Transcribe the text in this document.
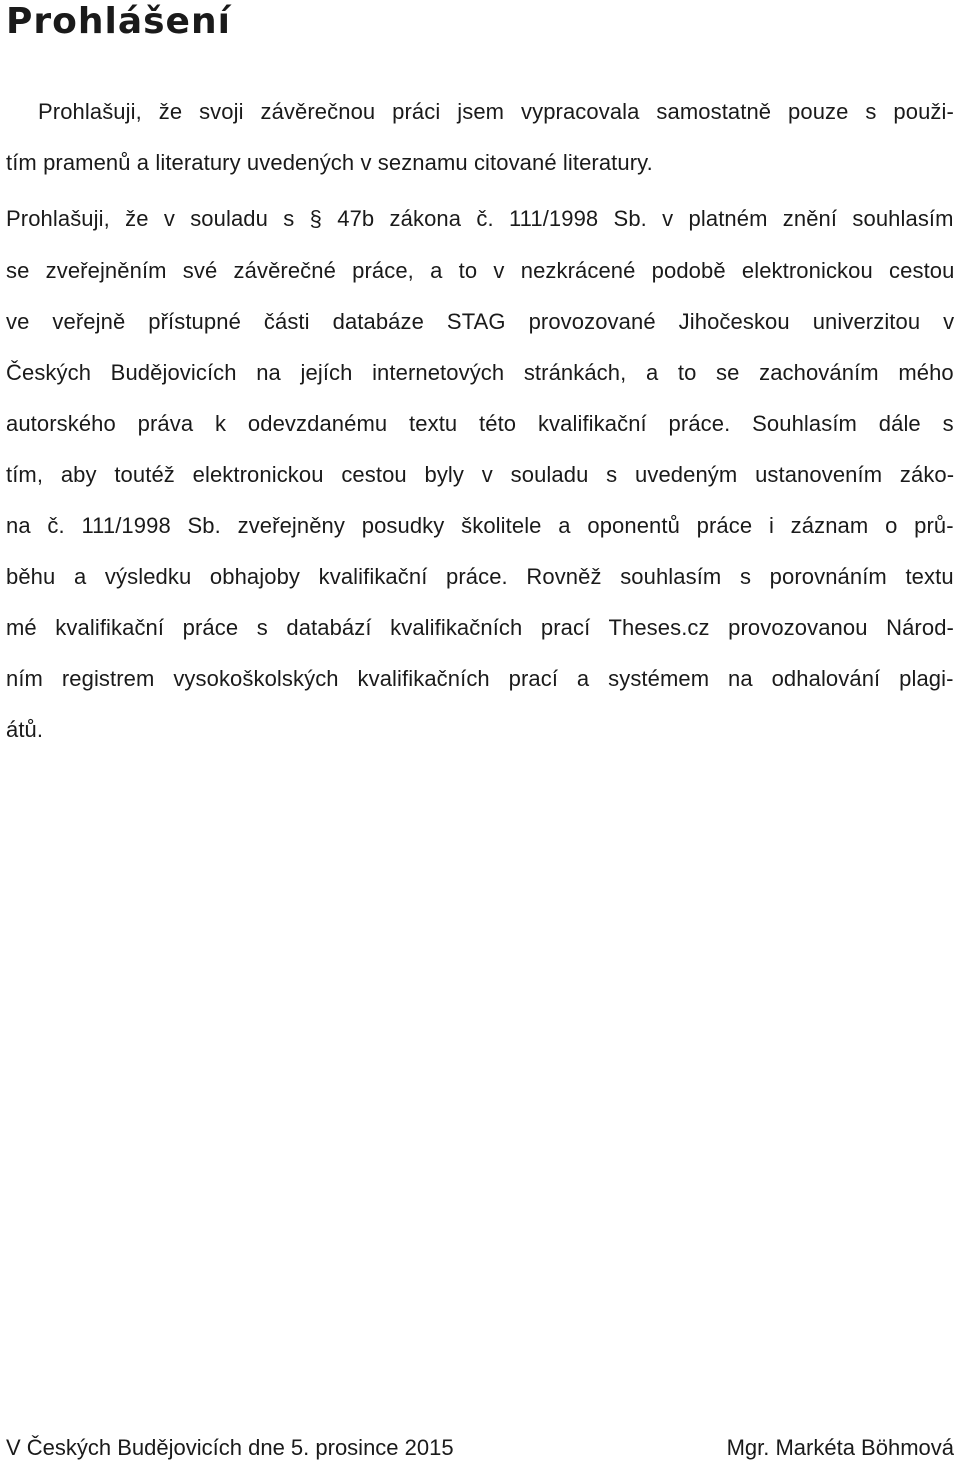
Prohlášení
Prohlašuji, že svoji závěrečnou práci jsem vypracovala samostatně pouze s použi-
tím pramenů a literatury uvedených v seznamu citované literatury.
Prohlašuji, že v souladu s § 47b zákona č. 111/1998 Sb. v platném znění souhlasím
se zveřejněním své závěrečné práce, a to v nezkrácené podobě elektronickou cestou
ve veřejně přístupné části databáze STAG provozované Jihočeskou univerzitou v
Českých Budějovicích na jejích internetových stránkách, a to se zachováním mého
autorského práva k odevzdanému textu této kvalifikační práce. Souhlasím dále s
tím, aby toutéž elektronickou cestou byly v souladu s uvedeným ustanovením záko-
na č. 111/1998 Sb. zveřejněny posudky školitele a oponentů práce i záznam o prů-
běhu a výsledku obhajoby kvalifikační práce. Rovněž souhlasím s porovnáním textu
mé kvalifikační práce s databází kvalifikačních prací Theses.cz provozovanou Národ-
ním registrem vysokoškolských kvalifikačních prací a systémem na odhalování plagi-
átů.
V Českých Budějovicích dne 5. prosince 2015	Mgr. Markéta Böhmová
